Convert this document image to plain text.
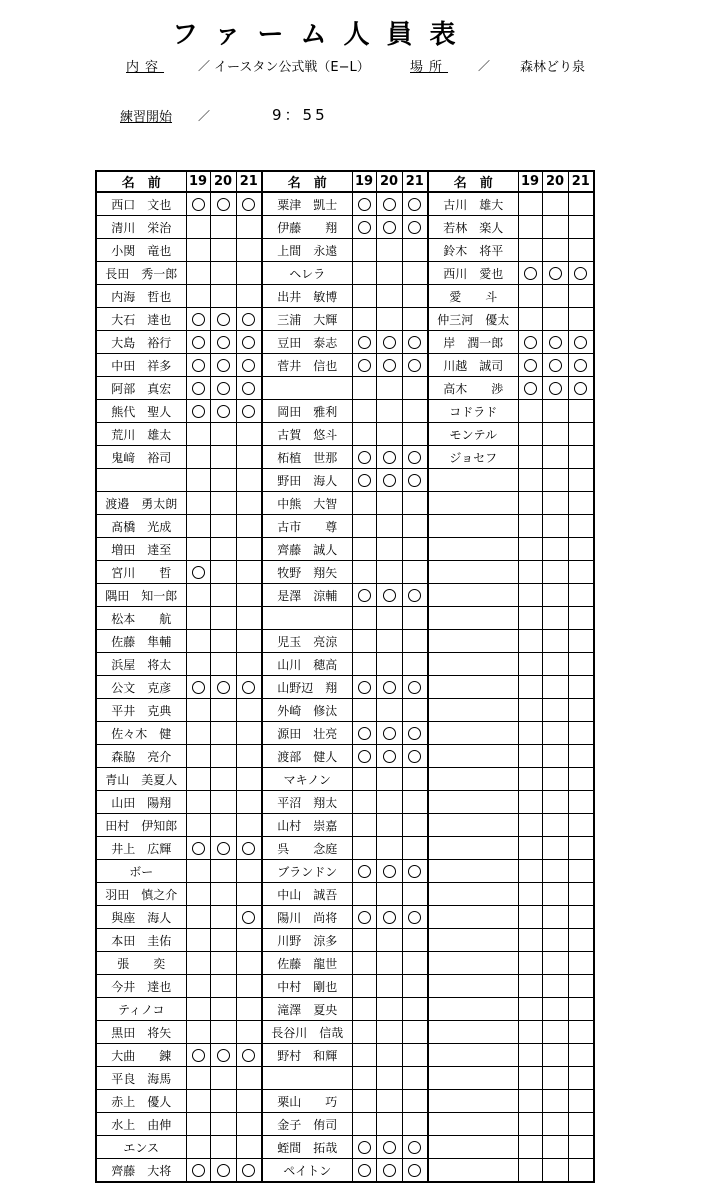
ファーム人員表
内容	／ イースタン公式戦（E−L）	場所 ／ 森林どり泉
練習開始 ／	9：55
名　前	19	20	21	名　前	19	20	21	名　前	19	20	21
西口　文也				粟津　凱士				古川　雄大			
清川　栄治				伊藤　　翔				若林　楽人			
小関　竜也				上間　永遠				鈴木　将平			
長田　秀一郎				ヘレラ				西川　愛也			
内海　哲也				出井　敏博				愛　　斗			
大石　達也				三浦　大輝				仲三河　優太			
大島　裕行				豆田　泰志				岸　潤一郎			
中田　祥多				菅井　信也				川越　誠司			
阿部　真宏								高木　　渉			
熊代　聖人				岡田　雅利				コドラド			
荒川　雄太				古賀　悠斗				モンテル			
鬼﨑　裕司				柘植　世那				ジョセフ			
				野田　海人							
渡邉　勇太朗				中熊　大智							
髙橋　光成				古市　　尊							
増田　達至				齊藤　誠人							
宮川　　哲				牧野　翔矢							
隅田　知一郎				是澤　涼輔							
松本　　航											
佐藤　隼輔				児玉　亮涼							
浜屋　将太				山川　穂高							
公文　克彦				山野辺　翔							
平井　克典				外崎　修汰							
佐々木　健				源田　壮亮							
森脇　亮介				渡部　健人							
青山　美夏人				マキノン							
山田　陽翔				平沼　翔太							
田村　伊知郎				山村　崇嘉							
井上　広輝				呉　　念庭							
ボー				ブランドン							
羽田　慎之介				中山　誠吾							
與座　海人				陽川　尚将							
本田　圭佑				川野　涼多							
張　　奕				佐藤　龍世							
今井　達也				中村　剛也							
ティノコ				滝澤　夏央							
黒田　将矢				長谷川　信哉							
大曲　　錬				野村　和輝							
平良　海馬											
赤上　優人				栗山　　巧							
水上　由伸				金子　侑司							
エンス				蛭間　拓哉							
齊藤　大将				ペイトン							
